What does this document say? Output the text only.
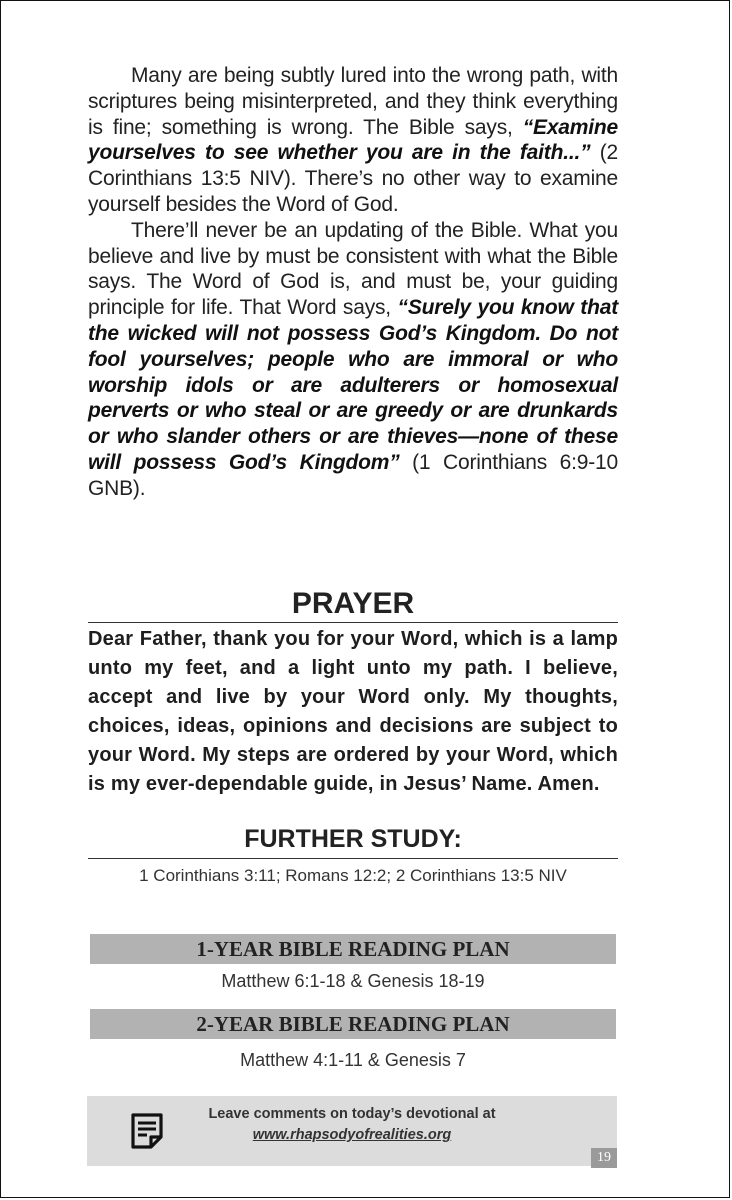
Many are being subtly lured into the wrong path, with scriptures being misinterpreted, and they think everything is fine; something is wrong. The Bible says, “Examine yourselves to see whether you are in the faith...” (2 Corinthians 13:5 NIV). There’s no other way to examine yourself besides the Word of God.

There’ll never be an updating of the Bible. What you believe and live by must be consistent with what the Bible says. The Word of God is, and must be, your guiding principle for life. That Word says, “Surely you know that the wicked will not possess God’s Kingdom. Do not fool yourselves; people who are immoral or who worship idols or are adulterers or homosexual perverts or who steal or are greedy or are drunkards or who slander others or are thieves—none of these will possess God’s Kingdom” (1 Corinthians 6:9-10 GNB).

PRAYER

Dear Father, thank you for your Word, which is a lamp unto my feet, and a light unto my path. I believe, accept and live by your Word only. My thoughts, choices, ideas, opinions and decisions are subject to your Word. My steps are ordered by your Word, which is my ever-dependable guide, in Jesus’ Name. Amen.

FURTHER STUDY:

1 Corinthians 3:11; Romans 12:2; 2 Corinthians 13:5 NIV

1-YEAR BIBLE READING PLAN

Matthew 6:1-18 & Genesis 18-19

2-YEAR BIBLE READING PLAN

Matthew 4:1-11 & Genesis 7

Leave comments on today’s devotional at
www.rhapsodyofrealities.org
19
